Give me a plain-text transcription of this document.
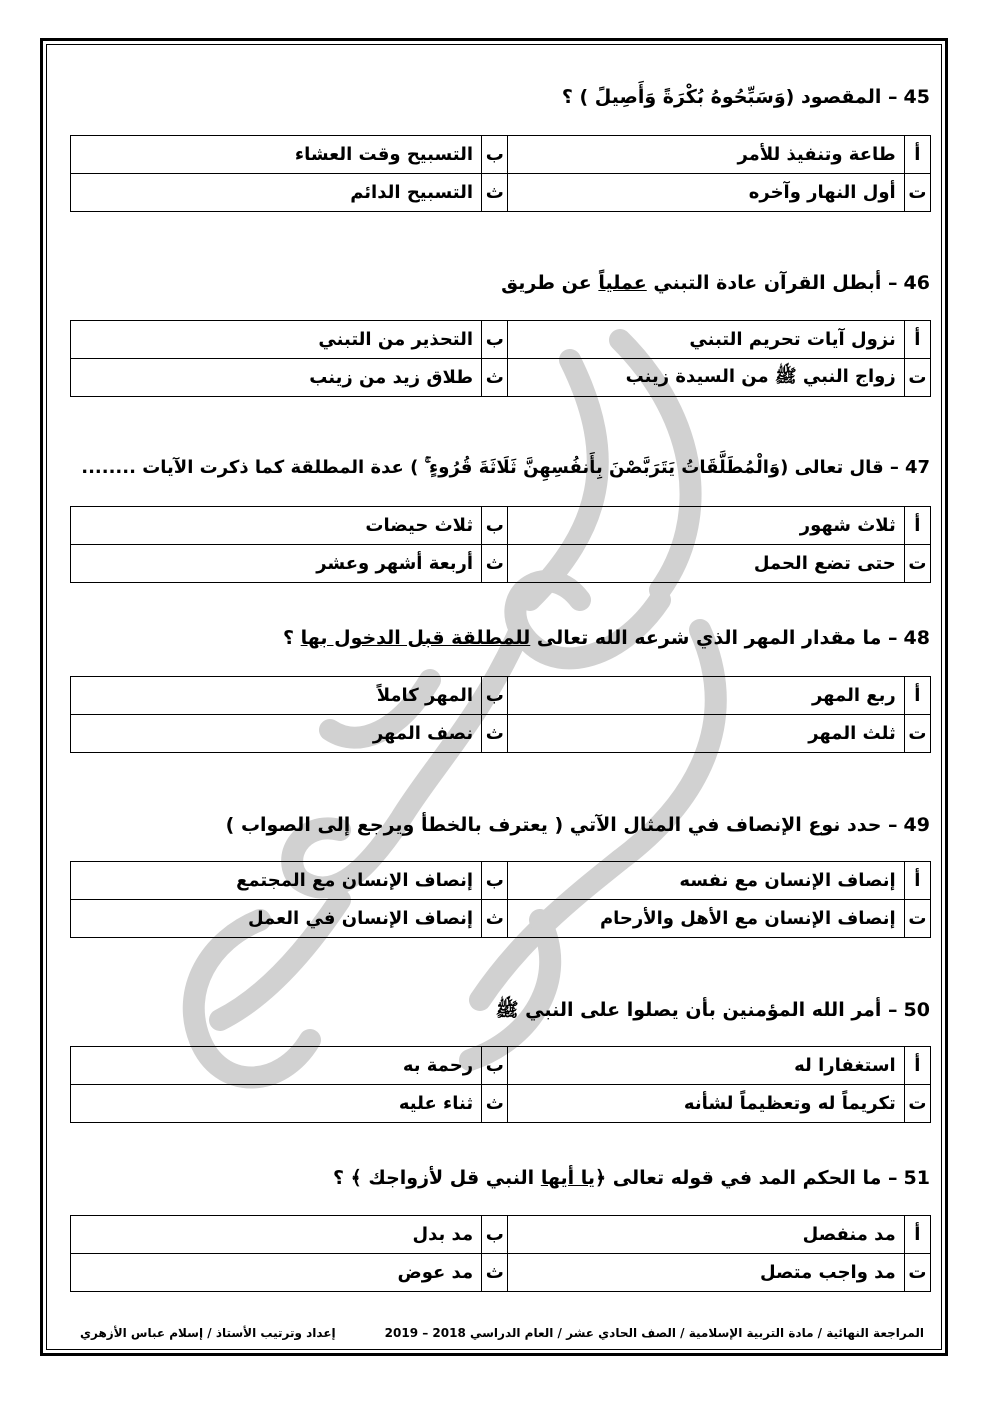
45– المقصود (وَسَبِّحُوهُ بُكْرَةً وَأَصِيلً ) ؟
أ	طاعة وتنفيذ للأمر	ب	التسبيح وقت العشاء
ت	أول النهار وآخره	ث	التسبيح الدائم
46– أبطل القرآن عادة التبني عملياً عن طريق
أ	نزول آيات تحريم التبني	ب	التحذير من التبني
ت	زواج النبي ﷺ من السيدة زينب	ث	طلاق زيد من زينب
47– قال تعالى (وَالْمُطَلَّقَاتُ يَتَرَبَّصْنَ بِأَنفُسِهِنَّ ثَلَاثَةَ قُرُوءٍ ۚ ) عدة المطلقة كما ذكرت الآيات ........
أ	ثلاث شهور	ب	ثلاث حيضات
ت	حتى تضع الحمل	ث	أربعة أشهر وعشر
48– ما مقدار المهر الذي شرعه الله تعالى للمطلقة قبل الدخول بها ؟
أ	ربع المهر	ب	المهر كاملاً
ت	ثلث المهر	ث	نصف المهر
49– حدد نوع الإنصاف في المثال الآتي ( يعترف بالخطأ ويرجع إلى الصواب )
أ	إنصاف الإنسان مع نفسه	ب	إنصاف الإنسان مع المجتمع
ت	إنصاف الإنسان مع الأهل والأرحام	ث	إنصاف الإنسان في العمل
50– أمر الله المؤمنين بأن يصلوا على النبي ﷺ
أ	استغفارا له	ب	رحمة به
ت	تكريماً له وتعظيماً لشأنه	ث	ثناء عليه
51– ما الحكم المد في قوله تعالى ﴿يا أيها النبي قل لأزواجك ﴾ ؟
أ	مد منفصل	ب	مد بدل
ت	مد واجب متصل	ث	مد عوض
المراجعة النهائية / مادة التربية الإسلامية / الصف الحادي عشر / العام الدراسي 2018 – 2019
إعداد وترتيب الأستاذ / إسلام عباس الأزهري
